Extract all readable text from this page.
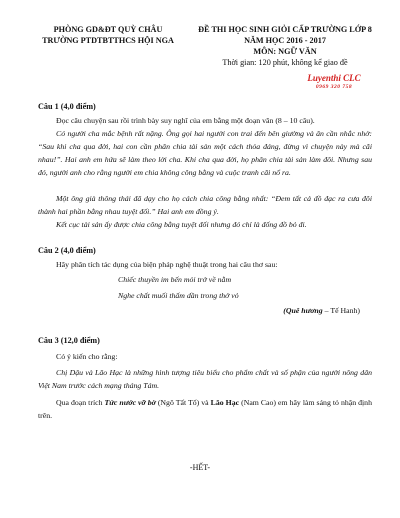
PHÒNG GD&ĐT QUỲ CHÂU
TRƯỜNG PTDTBTTHCS HỘI NGA
ĐỀ THI HỌC SINH GIỎI CẤP TRƯỜNG LỚP 8
NĂM HỌC 2016 - 2017
MÔN: NGỮ VĂN
Thời gian: 120 phút, không kể giao đề
Luyenthi CLC
0969 320 758
Câu 1 (4,0 điểm)
Đọc câu chuyện sau rồi trình bày suy nghĩ của em bằng một đoạn văn (8 – 10 câu).
Có người cha mắc bệnh rất nặng. Ông gọi hai người con trai đến bên giường và ân cần nhắc nhở: “Sau khi cha qua đời, hai con cần phân chia tài sản một cách thỏa đáng, đừng vì chuyện này mà cãi nhau!”. Hai anh em hứa sẽ làm theo lời cha. Khi cha qua đời, họ phân chia tài sản làm đôi. Nhưng sau đó, người anh cho rằng người em chia không công bằng và cuộc tranh cãi nổ ra.
Một ông già thông thái đã dạy cho họ cách chia công bằng nhất: “Đem tất cả đồ đạc ra cưa đôi thành hai phần bằng nhau tuyệt đối.” Hai anh em đồng ý.
Kết cục tài sản ấy được chia công bằng tuyệt đối nhưng đó chỉ là đống đồ bỏ đi.
Câu 2 (4,0 điểm)
Hãy phân tích tác dụng của biện pháp nghệ thuật trong hai câu thơ sau:
Chiếc thuyền im bến mỏi trở về nằm
Nghe chất muối thấm dần trong thớ vỏ
(Quê hương – Tế Hanh)
Câu 3 (12,0 điểm)
Có ý kiến cho rằng:
Chị Dậu và Lão Hạc là những hình tượng tiêu biểu cho phẩm chất và số phận của người nông dân Việt Nam trước cách mạng tháng Tám.
Qua đoạn trích Tức nước vỡ bờ (Ngô Tất Tố) và Lão Hạc (Nam Cao) em hãy làm sáng tỏ nhận định trên.
-HẾT-
